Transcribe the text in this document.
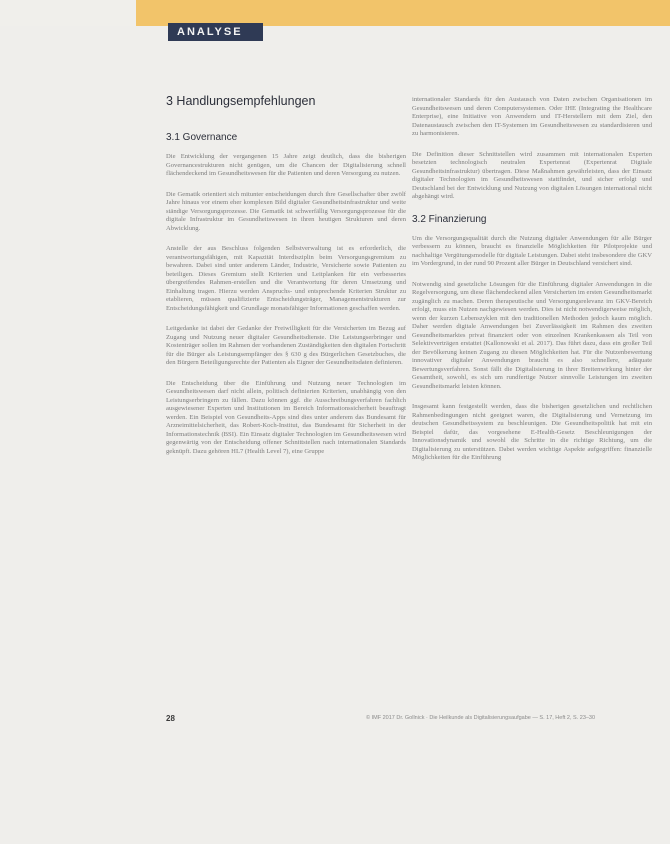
ANALYSE
3 Handlungsempfehlungen
3.1 Governance

Die Entwicklung der vergangenen 15 Jahre zeigt deutlich, dass die bisherigen Governancestrukturen nicht genügen, um die Chancen der Digitalisierung schnell flächendeckend im Gesundheitswesen für die Patienten und deren Versorgung zu nutzen.

Die Gematik orientiert sich mitunter entscheidungen durch ihre Gesellschafter über zwölf Jahre hinaus vor einem eher komplexen Bild digitaler Gesundheitsinfrastruktur und weite ständige Versorgungsprozesse. Die Gematik ist schwerfällig Versorgungsprozesse für die digitale Infrastruktur im Gesundheitswesen in ihren heutigen Strukturen und deren Abwicklung.

Anstelle der aus Beschluss folgenden Selbstverwaltung ist es erforderlich, die verantwortungsfähigen, mit Kapazität Interdisziplin beim Versorgungsgremium zu bewahren. Dabei sind unter anderem Länder, Industrie, Versicherte sowie Patienten zu beteiligen. Dieses Gremium stellt Kriterien und Leitplanken für ein verbessertes übergreifendes Rahmen-erstellen und die Verantwortung für deren Umsetzung und Einhaltung tragen. Hierzu werden Anspruchs- und entsprechende Kriterien Struktur zu etablieren, müssen qualifizierte Entscheidungsträger, Managementstrukturen zur Entscheidungsfähigkeit und Grundlage monatsfähiger Informationen geschaffen werden.

Leitgedanke ist dabei der Gedanke der Freiwilligkeit für die Versicherten im Bezug auf Zugang und Nutzung neuer digitaler Gesundheitsdienste. Die Leistungserbringer und Kostenträger sollen im Rahmen der vorhandenen Zuständigkeiten den digitalen Fortschritt für die Bürger als Leistungsempfänger des § 630 g des Bürgerlichen Gesetzbuches, die den Bürgern Beteiligungsrechte der Patienten als Eigner der Gesundheitsdaten definieren.

Die Entscheidung über die Einführung und Nutzung neuer Technologien im Gesundheitswesen darf nicht allein, politisch definierten Kriterien, unabhängig von den Leistungserbringern zu fällen. Dazu können ggf. die Ausschreibungsverfahren fachlich ausgewiesener Experten und Institutionen im Bereich Informationssicherheit beauftragt werden. Ein Beispiel von Gesundheits-Apps sind dies unter anderem das Bundesamt für Arzneimittelsicherheit, das Robert-Koch-Institut, das Bundesamt für Sicherheit in der Informationstechnik (BSI). Ein Einsatz digitaler Technologien im Gesundheitswesen wird gegenwärtig von der Entscheidung offener Schnittstellen nach internationalen Standards geknüpft. Dazu gehören HL7 (Health Level 7), eine Gruppe

internationaler Standards für den Austausch von Daten zwischen Organisationen im Gesundheitswesen und deren Computersystemen. Oder IHE (Integrating the Healthcare Enterprise), eine Initiative von Anwendern und IT-Herstellern mit dem Ziel, den Datenaustausch zwischen den IT-Systemen im Gesundheitswesen zu standardisieren und zu harmonisieren.

Die Definition dieser Schnittstellen wird zusammen mit internationalen Experten besetzten technologisch neutralen Expertenrat (Expertenrat Digitale Gesundheitsinfrastruktur) übertragen. Diese Maßnahmen gewährleisten, dass der Einsatz digitaler Technologien im Gesundheitswesen stattfindet, und sicher erfolgt und Deutschland bei der Entwicklung und Nutzung von digitalen Lösungen international nicht abgehängt wird.

3.2 Finanzierung

Um die Versorgungsqualität durch die Nutzung digitaler Anwendungen für alle Bürger verbessern zu können, braucht es finanzielle Möglichkeiten für Pilotprojekte und nachhaltige Vergütungsmodelle für digitale Leistungen. Dabei steht insbesondere die GKV im Vordergrund, in der rund 90 Prozent aller Bürger in Deutschland versichert sind.

Notwendig sind gesetzliche Lösungen für die Einführung digitaler Anwendungen in die Regelversorgung, um diese flächendeckend allen Versicherten im ersten Gesundheitsmarkt zugänglich zu machen. Deren therapeutische und Versorgungsrelevanz im GKV-Bereich erfolgt, muss ein Nutzen nachgewiesen werden. Dies ist nicht notwendigerweise möglich, wenn der kurzen Lebenszyklen mit den traditionellen Methoden jedoch kaum möglich. Daher werden digitale Anwendungen bei Zuverlässigkeit im Rahmen des zweiten Gesundheitsmarktes privat finanziert oder von einzelnen Krankenkassen als Teil von Selektivverträgen erstattet (Kallonowski et al. 2017). Das führt dazu, dass ein großer Teil der Bevölkerung keinen Zugang zu diesen Möglichkeiten hat. Für die Nutzenbewertung innovativer digitaler Anwendungen braucht es also schnellere, adäquate Bewertungsverfahren. Sonst fällt die Digitalisierung in ihrer Breitenwirkung hinter der Gesamtheit, sowohl, es sich um rundfertige Nutzer sinnvolle Leistungen im zweiten Gesundheitsmarkt leisten können.

Insgesamt kann festgestellt werden, dass die bisherigen gesetzlichen und rechtlichen Rahmenbedingungen nicht geeignet waren, die Digitalisierung und Vernetzung im deutschen Gesundheitssystem zu beschleunigen. Die Gesundheitspolitik hat mit ein Beispiel dafür, das vorgesehene E-Health-Gesetz Beschleunigungen der Innovationsdynamik und sowohl die Schritte in die richtige Richtung, um die Digitalisierung zu unterstützen. Dabei werden wichtige Aspekte aufgegriffen: finanzielle Möglichkeiten für die Einführung

28	© IMF 2017 Dr. Gollnick · Die Heilkunde als Digitalisierungsaufgabe — S. 17, Heft 2, S. 23–30
